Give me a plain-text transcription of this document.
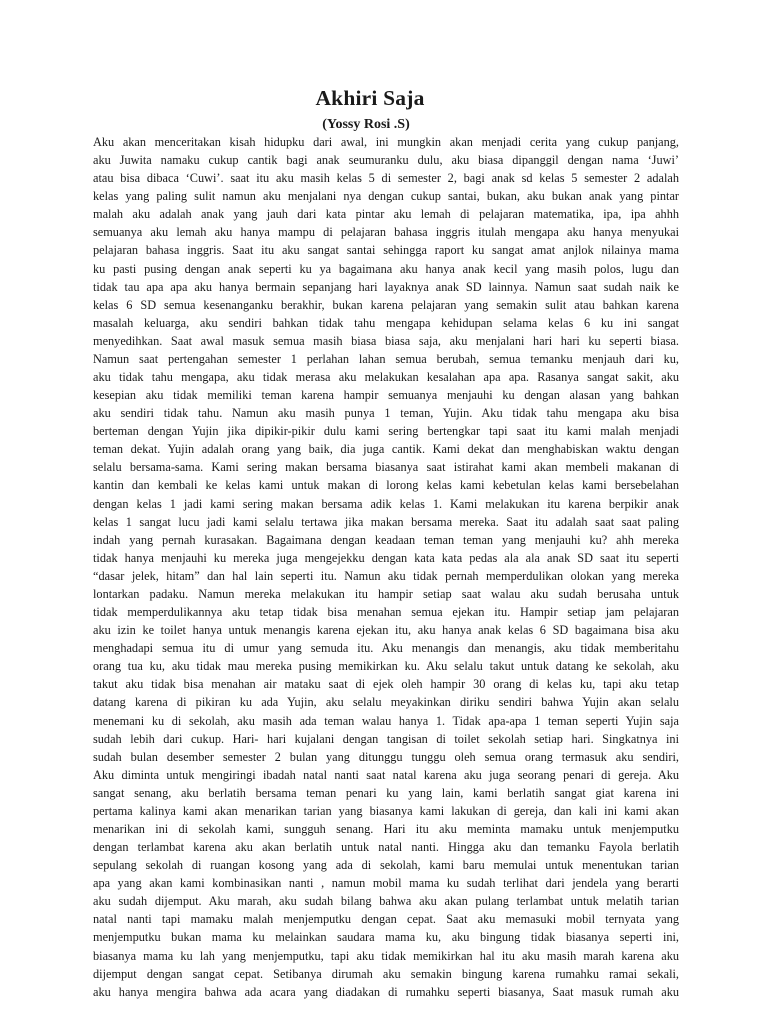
Akhiri Saja
(Yossy Rosi .S)
Aku akan menceritakan kisah hidupku dari awal, ini mungkin akan menjadi cerita yang cukup panjang,
aku Juwita namaku cukup cantik bagi anak seumuranku dulu, aku biasa dipanggil dengan nama ‘Juwi’
atau bisa dibaca ‘Cuwi’. saat itu aku masih kelas 5 di semester 2, bagi anak sd kelas 5 semester 2 adalah
kelas yang paling sulit namun aku menjalani nya dengan cukup santai, bukan, aku bukan anak yang pintar
malah aku adalah anak yang jauh dari kata pintar aku lemah di pelajaran matematika, ipa, ipa ahhh
semuanya aku lemah aku hanya mampu di pelajaran bahasa inggris itulah mengapa aku hanya menyukai
pelajaran bahasa inggris. Saat itu aku sangat santai sehingga raport ku sangat amat anjlok nilainya mama
ku pasti pusing dengan anak seperti ku ya bagaimana aku hanya anak kecil yang masih polos, lugu dan
tidak tau apa apa aku hanya bermain sepanjang hari layaknya anak SD lainnya. Namun saat sudah naik ke
kelas 6 SD semua kesenanganku berakhir, bukan karena pelajaran yang semakin sulit atau bahkan karena
masalah keluarga, aku sendiri bahkan tidak tahu mengapa kehidupan selama kelas 6 ku ini sangat
menyedihkan. Saat awal masuk semua masih biasa biasa saja, aku menjalani hari hari ku seperti biasa.
Namun saat pertengahan semester 1 perlahan lahan semua berubah, semua temanku menjauh dari ku,
aku tidak tahu mengapa, aku tidak merasa aku melakukan kesalahan apa apa. Rasanya sangat sakit, aku
kesepian aku tidak memiliki teman karena hampir semuanya menjauhi ku dengan alasan yang bahkan
aku sendiri tidak tahu. Namun aku masih punya 1 teman, Yujin. Aku tidak tahu mengapa aku bisa
berteman dengan Yujin jika dipikir-pikir dulu kami sering bertengkar tapi saat itu kami malah menjadi
teman dekat. Yujin adalah orang yang baik, dia juga cantik. Kami dekat dan menghabiskan waktu dengan
selalu bersama-sama. Kami sering makan bersama biasanya saat istirahat kami akan membeli makanan di
kantin dan kembali ke kelas kami untuk makan di lorong kelas kami kebetulan kelas kami bersebelahan
dengan kelas 1 jadi kami sering makan bersama adik kelas 1. Kami melakukan itu karena berpikir anak
kelas 1 sangat lucu jadi kami selalu tertawa jika makan bersama mereka. Saat itu adalah saat saat paling
indah yang pernah kurasakan. Bagaimana dengan keadaan teman teman yang menjauhi ku? ahh mereka
tidak hanya menjauhi ku mereka juga mengejekku dengan kata kata pedas ala ala anak SD saat itu seperti
“dasar jelek, hitam” dan hal lain seperti itu. Namun aku tidak pernah memperdulikan olokan yang mereka
lontarkan padaku. Namun mereka melakukan itu hampir setiap saat walau aku sudah berusaha untuk
tidak memperdulikannya aku tetap tidak bisa menahan semua ejekan itu. Hampir setiap jam pelajaran
aku izin ke toilet hanya untuk menangis karena ejekan itu, aku hanya anak kelas 6 SD bagaimana bisa aku
menghadapi semua itu di umur yang semuda itu. Aku menangis dan menangis, aku tidak memberitahu
orang tua ku, aku tidak mau mereka pusing memikirkan ku. Aku selalu takut untuk datang ke sekolah, aku
takut aku tidak bisa menahan air mataku saat di ejek oleh hampir 30 orang di kelas ku, tapi aku tetap
datang karena di pikiran ku ada Yujin, aku selalu meyakinkan diriku sendiri bahwa Yujin akan selalu
menemani ku di sekolah, aku masih ada teman walau hanya 1. Tidak apa-apa 1 teman seperti Yujin saja
sudah lebih dari cukup. Hari- hari kujalani dengan tangisan di toilet sekolah setiap hari. Singkatnya ini
sudah bulan desember semester 2 bulan yang ditunggu tunggu oleh semua orang termasuk aku sendiri,
Aku diminta untuk mengiringi ibadah natal nanti saat natal karena aku juga seorang penari di gereja. Aku
sangat senang, aku berlatih bersama teman penari ku yang lain, kami berlatih sangat giat karena ini
pertama kalinya kami akan menarikan tarian yang biasanya kami lakukan di gereja, dan kali ini kami akan
menarikan ini di sekolah kami, sungguh senang. Hari itu aku meminta mamaku untuk menjemputku
dengan terlambat karena aku akan berlatih untuk natal nanti. Hingga aku dan temanku Fayola berlatih
sepulang sekolah di ruangan kosong yang ada di sekolah, kami baru memulai untuk menentukan tarian
apa yang akan kami kombinasikan nanti , namun mobil mama ku sudah terlihat dari jendela yang berarti
aku sudah dijemput. Aku marah, aku sudah bilang bahwa aku akan pulang terlambat untuk melatih tarian
natal nanti tapi mamaku malah menjemputku dengan cepat. Saat aku memasuki mobil ternyata yang
menjemputku bukan mama ku melainkan saudara mama ku, aku bingung tidak biasanya seperti ini,
biasanya mama ku lah yang menjemputku, tapi aku tidak memikirkan hal itu aku masih marah karena aku
dijemput dengan sangat cepat. Setibanya dirumah aku semakin bingung karena rumahku ramai sekali,
aku hanya mengira bahwa ada acara yang diadakan di rumahku seperti biasanya, Saat masuk rumah aku
